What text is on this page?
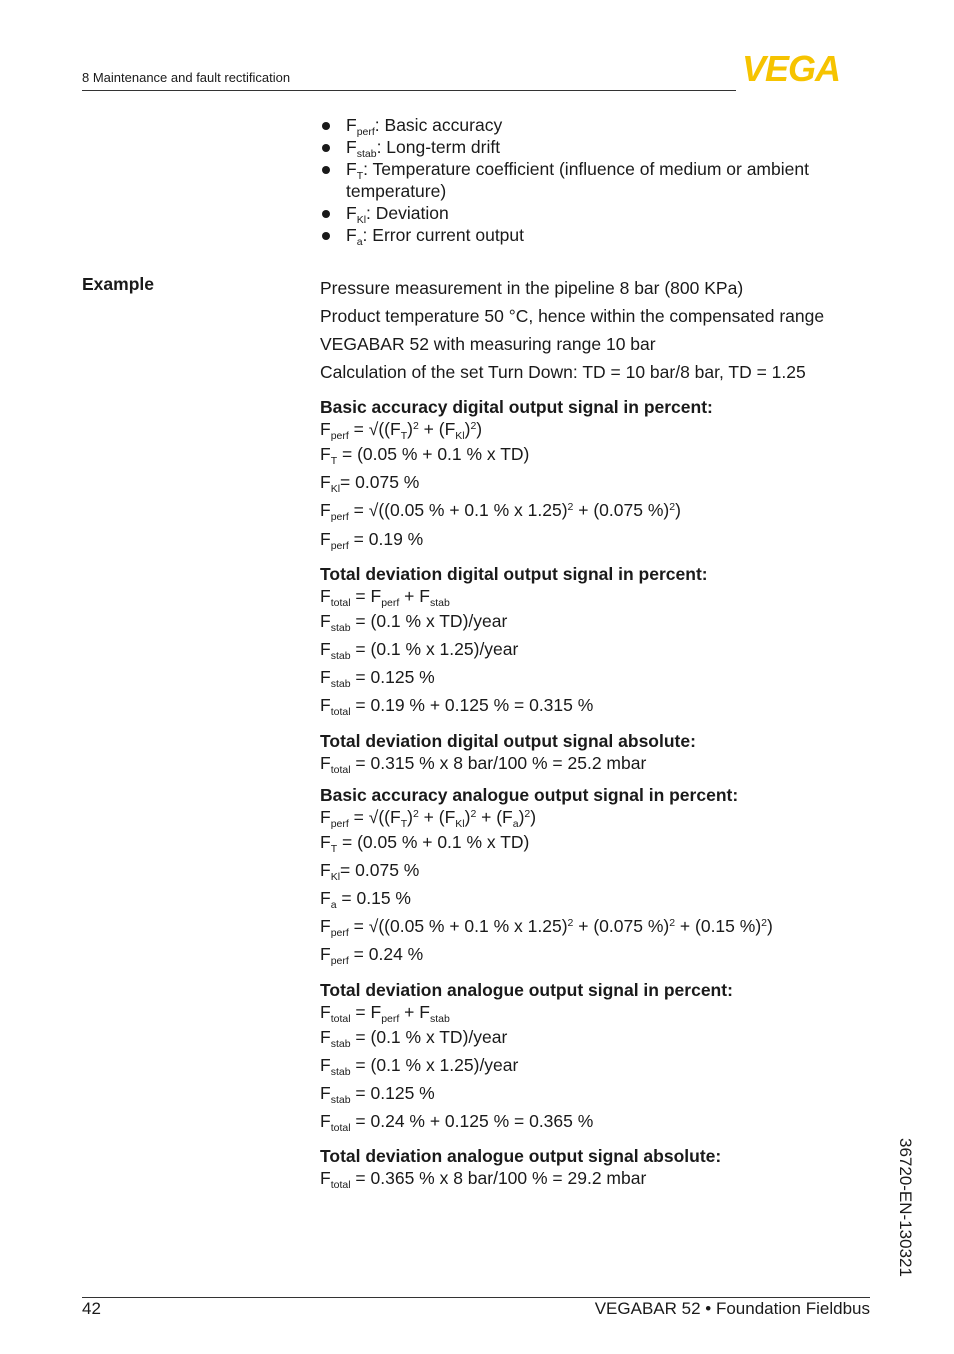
8 Maintenance and fault rectification	VEGA
$F_{perf}$: Basic accuracy
$F_{stab}$: Long-term drift
$F_T$: Temperature coefficient (influence of medium or ambient temperature)
$F_{Kl}$: Deviation
$F_a$: Error current output
Example	Pressure measurement in the pipeline 8 bar (800 KPa)
Product temperature 50 °C, hence within the compensated range
VEGABAR 52 with measuring range 10 bar
Calculation of the set Turn Down: TD = 10 bar/8 bar, TD = 1.25
Basic accuracy digital output signal in percent:
$F_{perf} = √((F_T)^2 + (F_{Kl})^2)$
$F_T = (0.05$ % + 0.1 % x TD)
$F_{Kl}= 0.075$ %
$F_{perf} = √((0.05$ % + 0.1 % x 1.25)$^2$ + (0.075 %)$^2$)
$F_{perf} = 0.19$ %
Total deviation digital output signal in percent:
$F_{total} = F_{perf} + F_{stab}$
$F_{stab} = (0.1$ % x TD)/year
$F_{stab} = (0.1$ % x 1.25)/year
$F_{stab} = 0.125$ %
$F_{total} = 0.19$ % + 0.125 % = 0.315 %
Total deviation digital output signal absolute:
$F_{total} = 0.315$ % x 8 bar/100 % = 25.2 mbar
Basic accuracy analogue output signal in percent:
$F_{perf} = √((F_T)^2 + (F_{Kl})^2 + (F_a)^2)$
$F_T = (0.05$ % + 0.1 % x TD)
$F_{Kl}= 0.075$ %
$F_a = 0.15$ %
$F_{perf} = √((0.05$ % + 0.1 % x 1.25)$^2$ + (0.075 %)$^2$ + (0.15 %)$^2$)
$F_{perf} = 0.24$ %
Total deviation analogue output signal in percent:
$F_{total} = F_{perf} + F_{stab}$
$F_{stab} = (0.1$ % x TD)/year
$F_{stab} = (0.1$ % x 1.25)/year
$F_{stab} = 0.125$ %
$F_{total} = 0.24$ % + 0.125 % = 0.365 %
Total deviation analogue output signal absolute:
$F_{total} = 0.365$ % x 8 bar/100 % = 29.2 mbar	36720-EN-130321
42	VEGABAR 52 • Foundation Fieldbus
